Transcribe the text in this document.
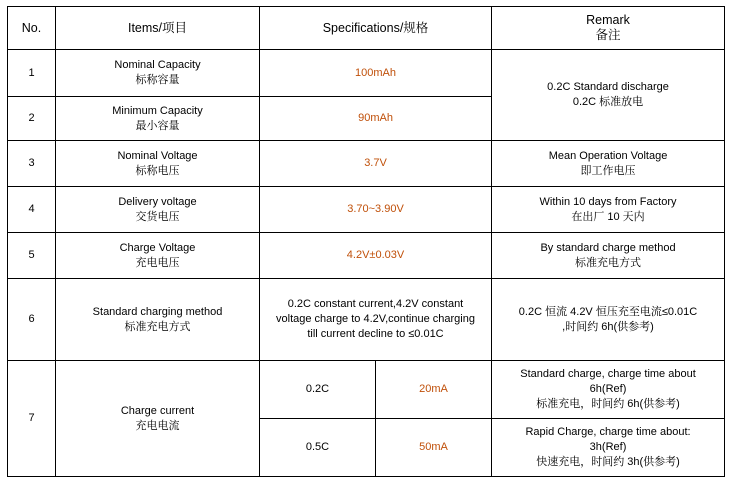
No.	Items/项目	Specifications/规格		Remark
备注

1	Nominal Capacity
标称容量	100mAh		0.2C Standard discharge
0.2C 标准放电

2	Minimum Capacity
最小容量	90mAh		
3	Nominal Voltage
标称电压	3.7V		Mean Operation Voltage
即工作电压

4	Delivery voltage
交货电压	3.70~3.90V		Within 10 days from Factory
在出厂 10 天内

5	Charge Voltage
充电电压	4.2V±0.03V		By standard charge method
标准充电方式

6	Standard charging method
标准充电方式	0.2C constant current,4.2V constant
voltage charge to 4.2V,continue charging
till current decline to ≤0.01C		0.2C 恒流 4.2V 恒压充至电流≤0.01C
,时间约 6h(供参考)
7	Charge current
充电电流	0.2C	20mA	Standard charge, charge time about
6h(Ref)
标准充电，时间约 6h(供参考)
		0.5C	50mA	Rapid Charge, charge time about:
3h(Ref)
快速充电，时间约 3h(供参考)
